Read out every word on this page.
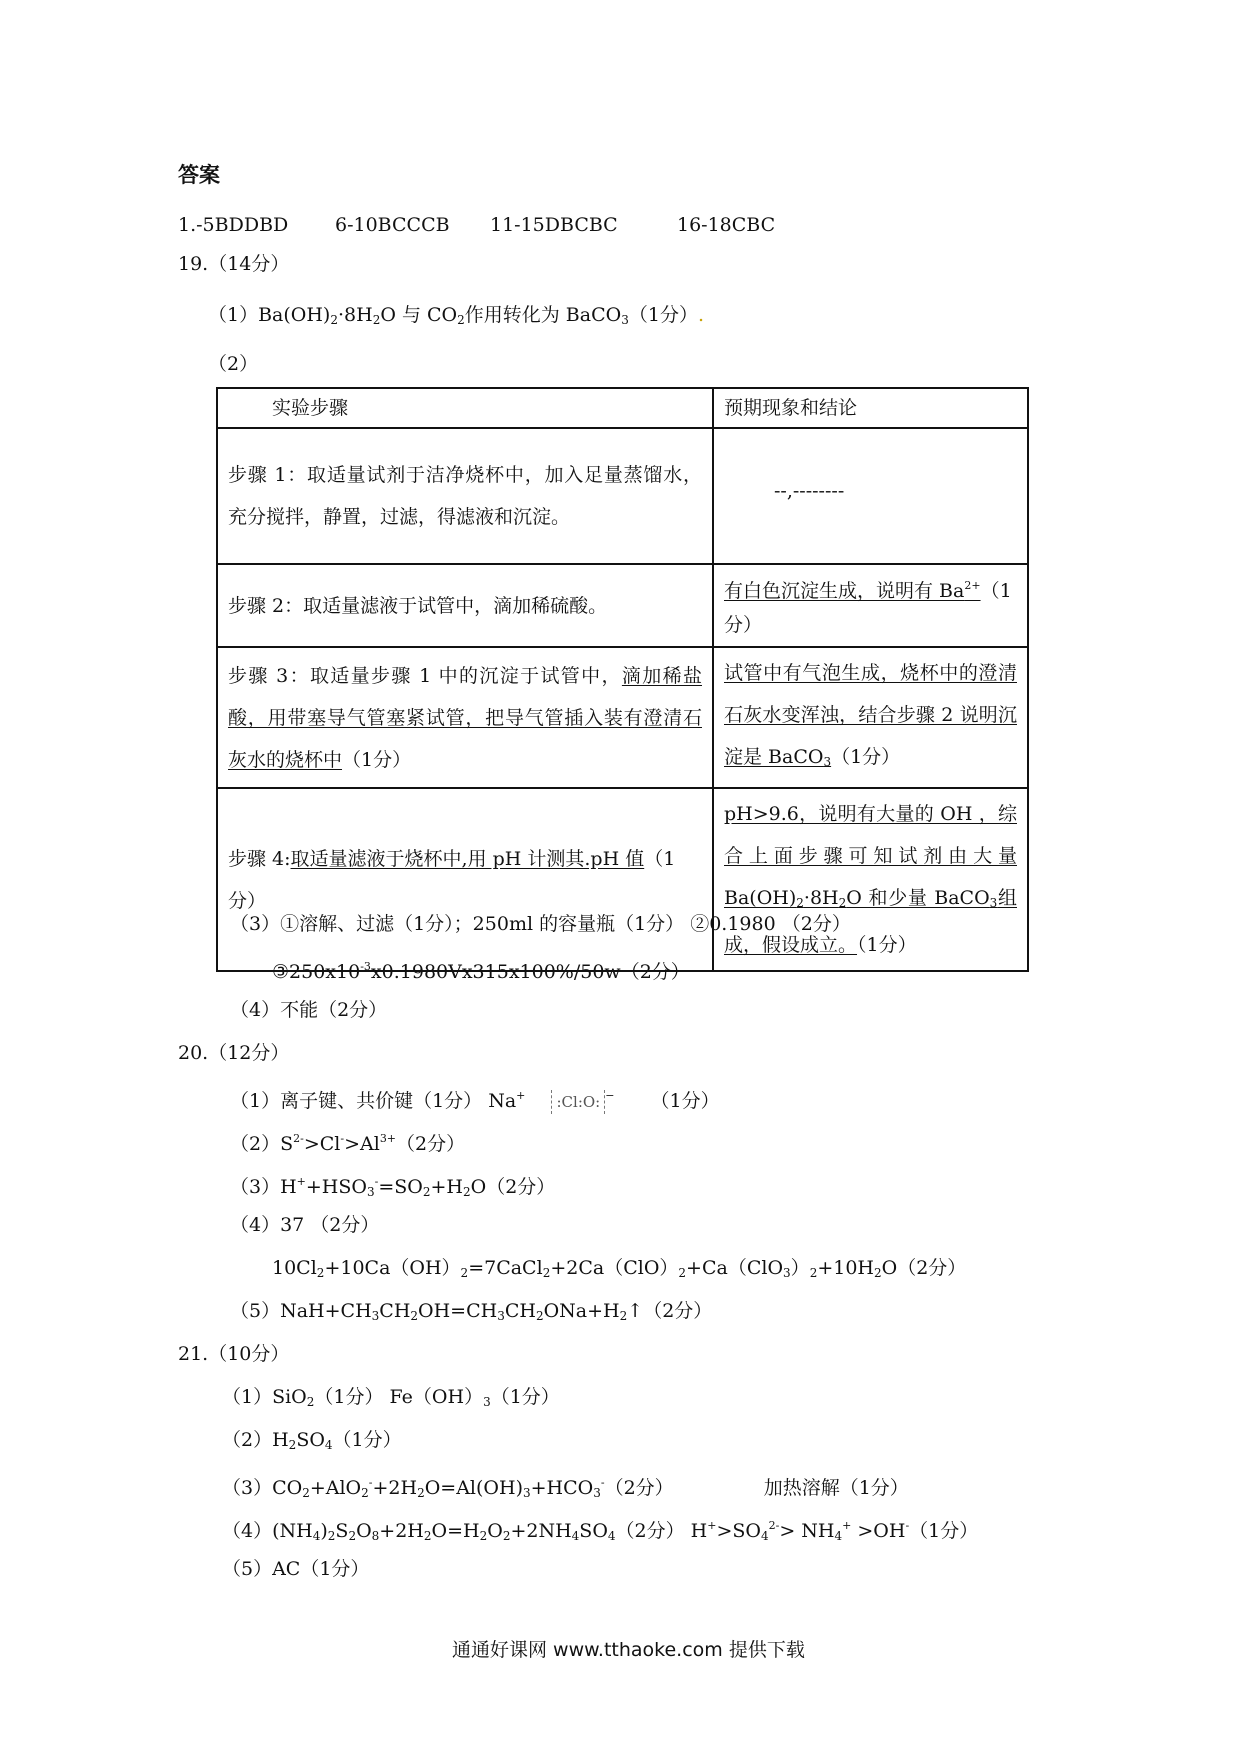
答案
1.-5BDDBD 6-10BCCCB 11-15DBCBC	16-18CBC
19.（14分）
$(1)Ba(OH)_2\cdot 8H_2O$ 与 $CO_2$作用转化为 BaCO$_3$（1分）.
（2）
实验步骤	预期现象和结论
步骤 1：取适量试剂于洁净烧杯中，加入足量蒸馏水，充分搅拌，静置，过滤，得滤液和沉淀。	--,--------
步骤 2：取适量滤液于试管中，滴加稀硫酸。	有白色沉淀生成，说明有 $Ba^{2+}(1$分）
步骤 3：取适量步骤 1 中的沉淀于试管中，滴加稀盐酸，用带塞导气管塞紧试管，把导气管插入装有澄清石灰水的烧杯中（1分）	试管中有气泡生成，烧杯中的澄清石灰水变浑浊，结合步骤 2 说明沉淀是 BaCO$_3$（1分）
步骤 4:取适量滤液于烧杯中,用 pH 计测其.pH 值（1分）	pH>9.6，说明有大量的 OH ，综合上面步骤可知试剂由大量 $Ba(OH)_2\cdot 8H_2O$ 和少量 BaCO$_3$组成，假设成立。（1分）
（3）①溶解、过滤（1分）；250ml 的容量瓶（1分） ②0.1980 （2分）
$③250x10^{-3}x0.1980Vx315x100\%/50w(2$分）
（4）不能（2分）
20.（12分）
（1）离子键、共价键（1分） Na+ :Cl:O: − （1分）
$(2)S^{2-}>Cl^->Al^{3+}(2$分）
$(3)H^++HSO_3^-=SO_2+H_2O(2$分）
（4）37 （2分）
$10Cl_2+10Ca(OH)_2=7CaCl_2+2Ca(ClO)_2+Ca(ClO_3)_2+10H_2O(2$分）
$(5)NaH+CH_3CH_2OH=CH_3CH_2ONa+H_2↑(2$分）
21.（10分）
（1）SiO$_2$（1分） $Fe(OH)_3(1$分）
$(2)H_2SO_4(1$分）
$(3)CO_2+AlO_2^-+2H_2O=Al(OH)_3+HCO_3^-(2$分）	加热溶解（1分）
$(4)(NH_4)_2S_2O_8+2H_2O=H_2O_2+2NH_4SO_4(2$分） $H^+>SO_4^{2-}> NH_4^+ >OH^-(1$分）
（5）AC（1分）
通通好课网 www.tthaoke.com 提供下载
